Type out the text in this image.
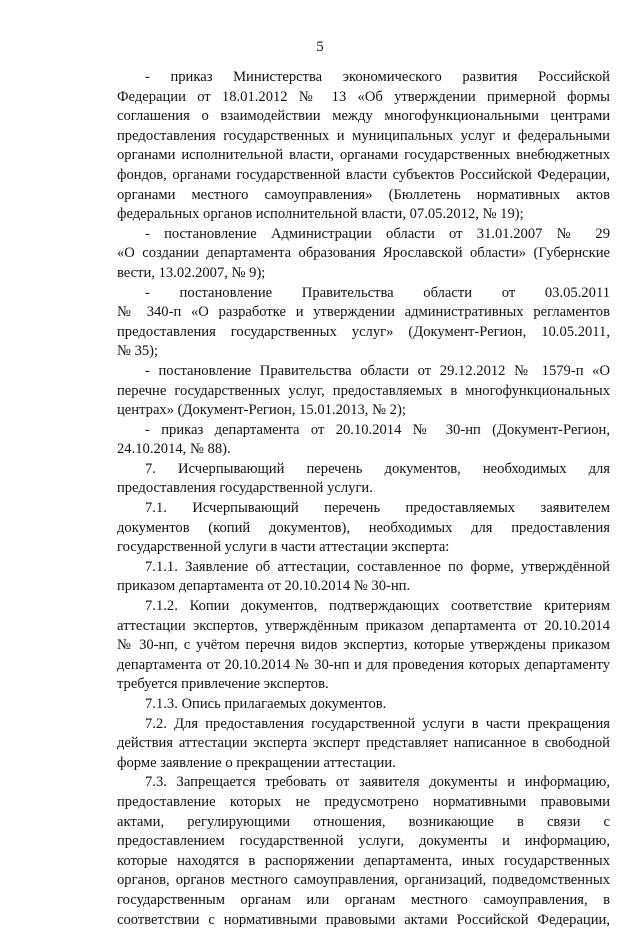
5
- приказ Министерства экономического развития Российской
Федерации от 18.01.2012 № 13 «Об утверждении примерной формы
соглашения о взаимодействии между многофункциональными центрами
предоставления государственных и муниципальных услуг и федеральными
органами исполнительной власти, органами государственных внебюджетных
фондов, органами государственной власти субъектов Российской Федерации,
органами местного самоуправления» (Бюллетень нормативных актов
федеральных органов исполнительной власти, 07.05.2012, № 19);
- постановление Администрации области от 31.01.2007 № 29
«О создании департамента образования Ярославской области» (Губернские
вести, 13.02.2007, № 9);
- постановление Правительства области от 03.05.2011
№ 340-п «О разработке и утверждении административных регламентов
предоставления государственных услуг» (Документ-Регион, 10.05.2011,
№ 35);
- постановление Правительства области от 29.12.2012 № 1579-п «О
перечне государственных услуг, предоставляемых в многофункциональных
центрах» (Документ-Регион, 15.01.2013, № 2);
- приказ департамента от 20.10.2014 № 30-нп (Документ-Регион,
24.10.2014, № 88).
7. Исчерпывающий перечень документов, необходимых для
предоставления государственной услуги.
7.1. Исчерпывающий перечень предоставляемых заявителем
документов (копий документов), необходимых для предоставления
государственной услуги в части аттестации эксперта:
7.1.1. Заявление об аттестации, составленное по форме, утверждённой
приказом департамента от 20.10.2014 № 30-нп.
7.1.2. Копии документов, подтверждающих соответствие критериям
аттестации экспертов, утверждённым приказом департамента от 20.10.2014
№ 30-нп, с учётом перечня видов экспертиз, которые утверждены приказом
департамента от 20.10.2014 № 30-нп и для проведения которых департаменту
требуется привлечение экспертов.
7.1.3. Опись прилагаемых документов.
7.2. Для предоставления государственной услуги в части прекращения
действия аттестации эксперта эксперт представляет написанное в свободной
форме заявление о прекращении аттестации.
7.3. Запрещается требовать от заявителя документы и информацию,
предоставление которых не предусмотрено нормативными правовыми
актами, регулирующими отношения, возникающие в связи с
предоставлением государственной услуги, документы и информацию,
которые находятся в распоряжении департамента, иных государственных
органов, органов местного самоуправления, организаций, подведомственных
государственным органам или органам местного самоуправления, в
соответствии с нормативными правовыми актами Российской Федерации,
